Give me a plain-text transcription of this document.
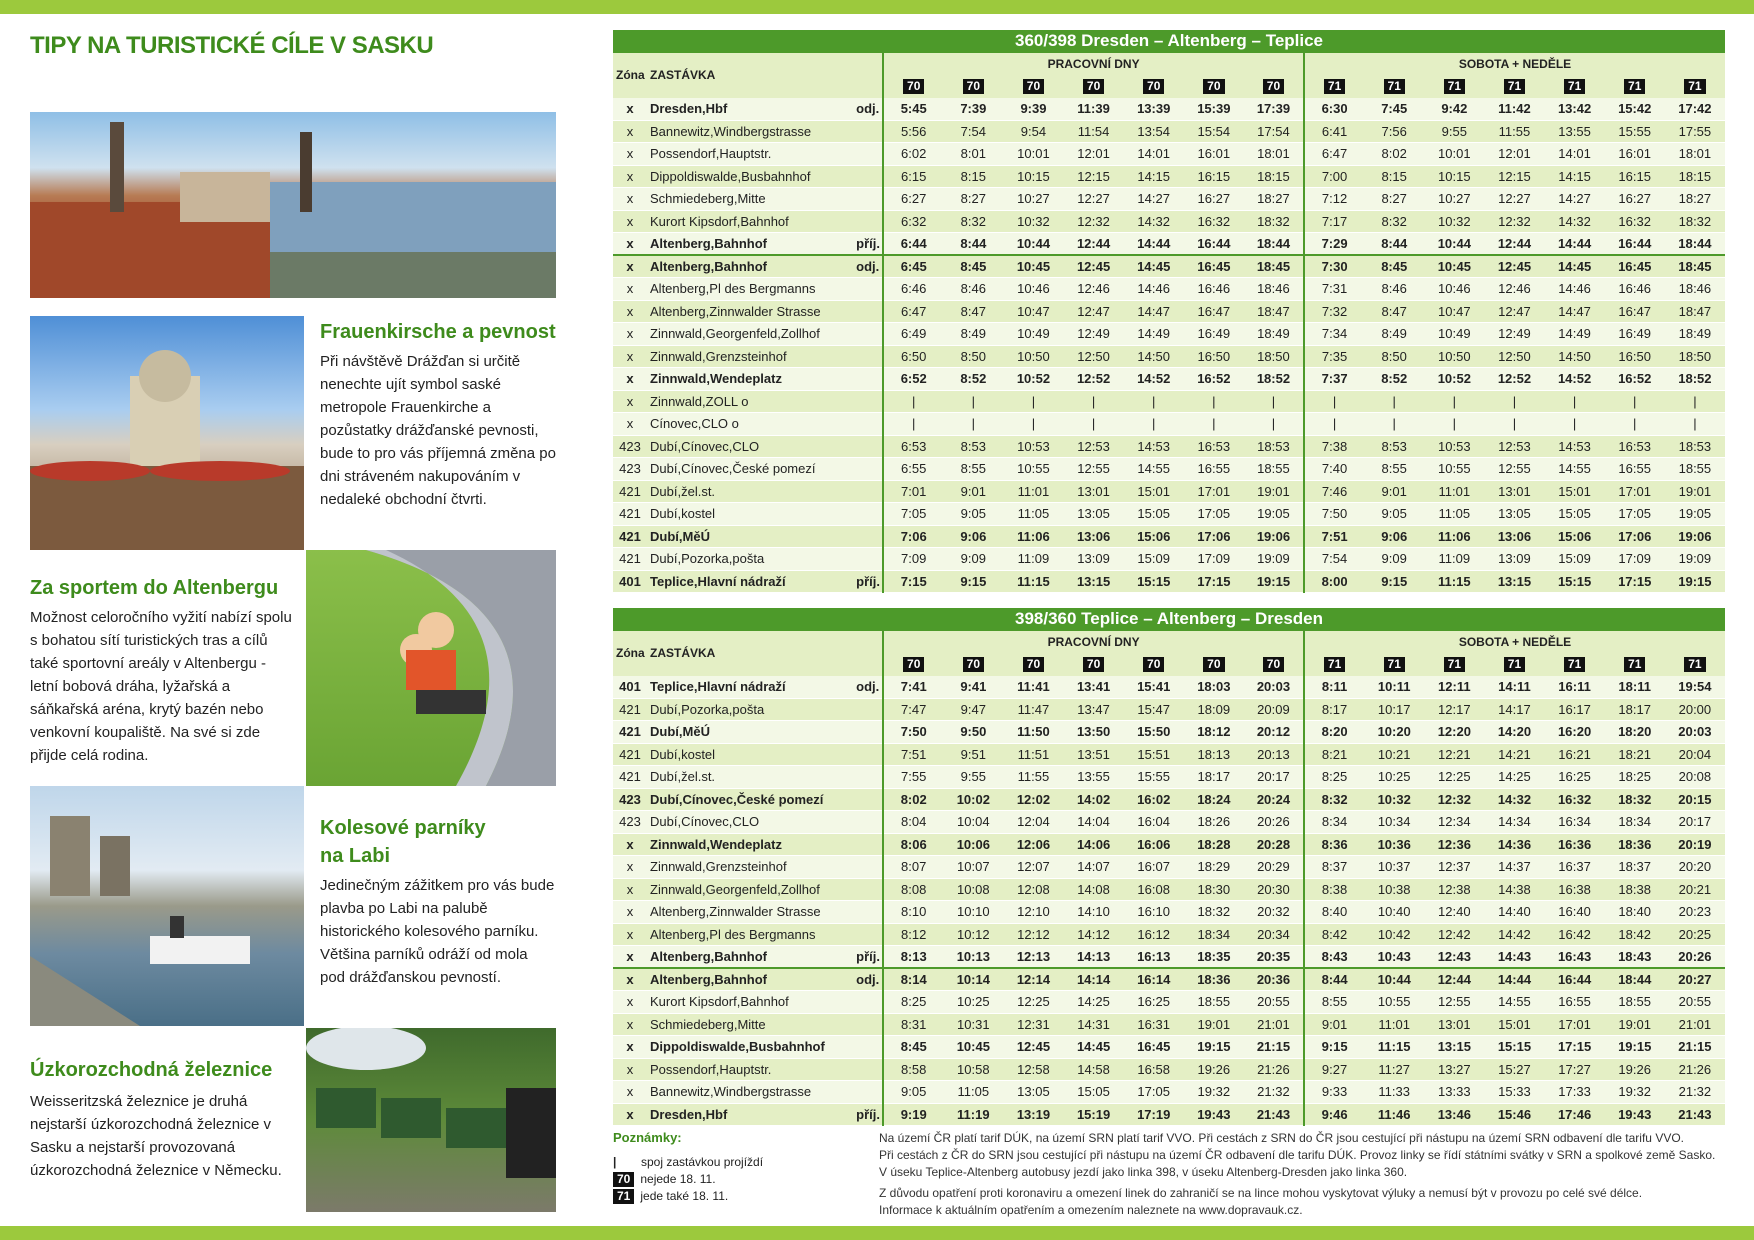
TIPY NA TURISTICKÉ CÍLE V SASKU
Frauenkirsche a pevnost
Při návštěvě Drážďan si určitě nenechte ujít symbol saské metropole Frauenkirche a pozůstatky drážďanské pevnosti, bude to pro vás příjemná změna po dni stráveném nakupováním v nedaleké obchodní čtvrti.
Za sportem do Altenbergu
Možnost celoročního vyžití nabízí spolu s bohatou sítí turistických tras a cílů také sportovní areály v Altenbergu - letní bobová dráha, lyžařská a sáňkařská aréna, krytý bazén nebo venkovní koupaliště. Na své si zde přijde celá rodina.
Kolesové parníky na Labi
Jedinečným zážitkem pro vás bude plavba po Labi na palubě historického kolesového parníku. Většina parníků odráží od mola pod drážďanskou pevností.
Úzkorozchodná železnice
Weisseritzská železnice je druhá nejstarší úzkorozchodná železnice v Sasku a nejstarší provozovaná úzkorozchodná železnice v Německu.
360/398 Dresden – Altenberg – Teplice																
Zóna	ZASTÁVKA		PRACOVNÍ DNY							SOBOTA + NEDĚLE						
			70	70	70	70	70	70	70	71	71	71	71	71	71	71
x	Dresden,Hbf	odj.	5:45	7:39	9:39	11:39	13:39	15:39	17:39	6:30	7:45	9:42	11:42	13:42	15:42	17:42
x	Bannewitz,Windbergstrasse		5:56	7:54	9:54	11:54	13:54	15:54	17:54	6:41	7:56	9:55	11:55	13:55	15:55	17:55
x	Possendorf,Hauptstr.		6:02	8:01	10:01	12:01	14:01	16:01	18:01	6:47	8:02	10:01	12:01	14:01	16:01	18:01
x	Dippoldiswalde,Busbahnhof		6:15	8:15	10:15	12:15	14:15	16:15	18:15	7:00	8:15	10:15	12:15	14:15	16:15	18:15
x	Schmiedeberg,Mitte		6:27	8:27	10:27	12:27	14:27	16:27	18:27	7:12	8:27	10:27	12:27	14:27	16:27	18:27
x	Kurort Kipsdorf,Bahnhof		6:32	8:32	10:32	12:32	14:32	16:32	18:32	7:17	8:32	10:32	12:32	14:32	16:32	18:32
x	Altenberg,Bahnhof	příj.	6:44	8:44	10:44	12:44	14:44	16:44	18:44	7:29	8:44	10:44	12:44	14:44	16:44	18:44
x	Altenberg,Bahnhof	odj.	6:45	8:45	10:45	12:45	14:45	16:45	18:45	7:30	8:45	10:45	12:45	14:45	16:45	18:45
x	Altenberg,Pl des Bergmanns		6:46	8:46	10:46	12:46	14:46	16:46	18:46	7:31	8:46	10:46	12:46	14:46	16:46	18:46
x	Altenberg,Zinnwalder Strasse		6:47	8:47	10:47	12:47	14:47	16:47	18:47	7:32	8:47	10:47	12:47	14:47	16:47	18:47
x	Zinnwald,Georgenfeld,Zollhof		6:49	8:49	10:49	12:49	14:49	16:49	18:49	7:34	8:49	10:49	12:49	14:49	16:49	18:49
x	Zinnwald,Grenzsteinhof		6:50	8:50	10:50	12:50	14:50	16:50	18:50	7:35	8:50	10:50	12:50	14:50	16:50	18:50
x	Zinnwald,Wendeplatz		6:52	8:52	10:52	12:52	14:52	16:52	18:52	7:37	8:52	10:52	12:52	14:52	16:52	18:52
x	Zinnwald,ZOLL o		|	|	|	|	|	|	|	|	|	|	|	|	|	|
x	Cínovec,CLO o		|	|	|	|	|	|	|	|	|	|	|	|	|	|
423	Dubí,Cínovec,CLO		6:53	8:53	10:53	12:53	14:53	16:53	18:53	7:38	8:53	10:53	12:53	14:53	16:53	18:53
423	Dubí,Cínovec,České pomezí		6:55	8:55	10:55	12:55	14:55	16:55	18:55	7:40	8:55	10:55	12:55	14:55	16:55	18:55
421	Dubí,žel.st.		7:01	9:01	11:01	13:01	15:01	17:01	19:01	7:46	9:01	11:01	13:01	15:01	17:01	19:01
421	Dubí,kostel		7:05	9:05	11:05	13:05	15:05	17:05	19:05	7:50	9:05	11:05	13:05	15:05	17:05	19:05
421	Dubí,MěÚ		7:06	9:06	11:06	13:06	15:06	17:06	19:06	7:51	9:06	11:06	13:06	15:06	17:06	19:06
421	Dubí,Pozorka,pošta		7:09	9:09	11:09	13:09	15:09	17:09	19:09	7:54	9:09	11:09	13:09	15:09	17:09	19:09
401	Teplice,Hlavní nádraží	příj.	7:15	9:15	11:15	13:15	15:15	17:15	19:15	8:00	9:15	11:15	13:15	15:15	17:15	19:15
398/360 Teplice – Altenberg – Dresden																
Zóna	ZASTÁVKA		PRACOVNÍ DNY							SOBOTA + NEDĚLE						
			70	70	70	70	70	70	70	71	71	71	71	71	71	71
401	Teplice,Hlavní nádraží	odj.	7:41	9:41	11:41	13:41	15:41	18:03	20:03	8:11	10:11	12:11	14:11	16:11	18:11	19:54
421	Dubí,Pozorka,pošta		7:47	9:47	11:47	13:47	15:47	18:09	20:09	8:17	10:17	12:17	14:17	16:17	18:17	20:00
421	Dubí,MěÚ		7:50	9:50	11:50	13:50	15:50	18:12	20:12	8:20	10:20	12:20	14:20	16:20	18:20	20:03
421	Dubí,kostel		7:51	9:51	11:51	13:51	15:51	18:13	20:13	8:21	10:21	12:21	14:21	16:21	18:21	20:04
421	Dubí,žel.st.		7:55	9:55	11:55	13:55	15:55	18:17	20:17	8:25	10:25	12:25	14:25	16:25	18:25	20:08
423	Dubí,Cínovec,České pomezí		8:02	10:02	12:02	14:02	16:02	18:24	20:24	8:32	10:32	12:32	14:32	16:32	18:32	20:15
423	Dubí,Cínovec,CLO		8:04	10:04	12:04	14:04	16:04	18:26	20:26	8:34	10:34	12:34	14:34	16:34	18:34	20:17
x	Zinnwald,Wendeplatz		8:06	10:06	12:06	14:06	16:06	18:28	20:28	8:36	10:36	12:36	14:36	16:36	18:36	20:19
x	Zinnwald,Grenzsteinhof		8:07	10:07	12:07	14:07	16:07	18:29	20:29	8:37	10:37	12:37	14:37	16:37	18:37	20:20
x	Zinnwald,Georgenfeld,Zollhof		8:08	10:08	12:08	14:08	16:08	18:30	20:30	8:38	10:38	12:38	14:38	16:38	18:38	20:21
x	Altenberg,Zinnwalder Strasse		8:10	10:10	12:10	14:10	16:10	18:32	20:32	8:40	10:40	12:40	14:40	16:40	18:40	20:23
x	Altenberg,Pl des Bergmanns		8:12	10:12	12:12	14:12	16:12	18:34	20:34	8:42	10:42	12:42	14:42	16:42	18:42	20:25
x	Altenberg,Bahnhof	příj.	8:13	10:13	12:13	14:13	16:13	18:35	20:35	8:43	10:43	12:43	14:43	16:43	18:43	20:26
x	Altenberg,Bahnhof	odj.	8:14	10:14	12:14	14:14	16:14	18:36	20:36	8:44	10:44	12:44	14:44	16:44	18:44	20:27
x	Kurort Kipsdorf,Bahnhof		8:25	10:25	12:25	14:25	16:25	18:55	20:55	8:55	10:55	12:55	14:55	16:55	18:55	20:55
x	Schmiedeberg,Mitte		8:31	10:31	12:31	14:31	16:31	19:01	21:01	9:01	11:01	13:01	15:01	17:01	19:01	21:01
x	Dippoldiswalde,Busbahnhof		8:45	10:45	12:45	14:45	16:45	19:15	21:15	9:15	11:15	13:15	15:15	17:15	19:15	21:15
x	Possendorf,Hauptstr.		8:58	10:58	12:58	14:58	16:58	19:26	21:26	9:27	11:27	13:27	15:27	17:27	19:26	21:26
x	Bannewitz,Windbergstrasse		9:05	11:05	13:05	15:05	17:05	19:32	21:32	9:33	11:33	13:33	15:33	17:33	19:32	21:32
x	Dresden,Hbf	příj.	9:19	11:19	13:19	15:19	17:19	19:43	21:43	9:46	11:46	13:46	15:46	17:46	19:43	21:43
Poznámky:
| spoj zastávkou projíždí
70 nejede 18. 11.
71 jede také 18. 11.
Na území ČR platí tarif DÚK, na území SRN platí tarif VVO. Při cestách z SRN do ČR jsou cestující při nástupu na území SRN odbavení dle tarifu VVO.
Při cestách z ČR do SRN jsou cestující při nástupu na území ČR odbavení dle tarifu DÚK. Provoz linky se řídí státními svátky v SRN a spolkové země Sasko.
V úseku Teplice-Altenberg autobusy jezdí jako linka 398, v úseku Altenberg-Dresden jako linka 360.
Z důvodu opatření proti koronaviru a omezení linek do zahraničí se na lince mohou vyskytovat výluky a nemusí být v provozu po celé své délce.
Informace k aktuálním opatřením a omezením naleznete na www.dopravauk.cz.
